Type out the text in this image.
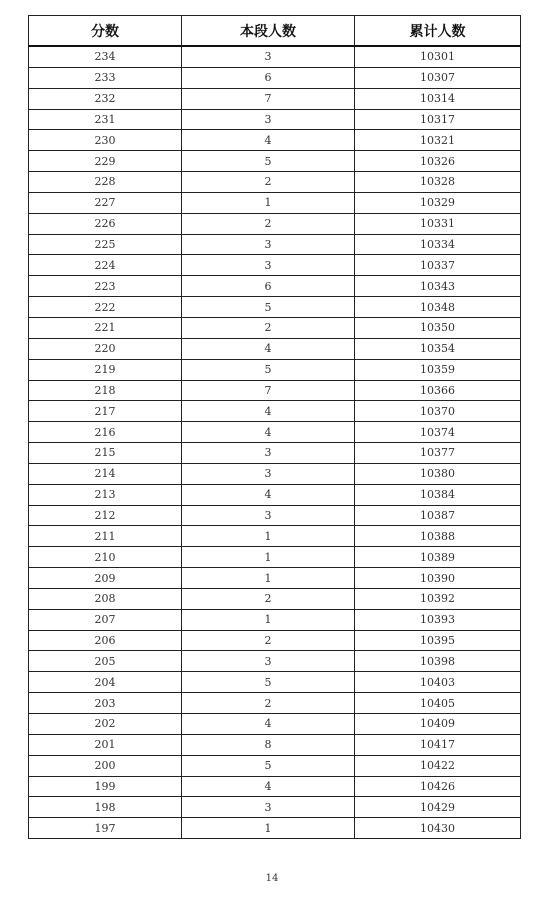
分数	本段人数	累计人数
234	3	10301
233	6	10307
232	7	10314
231	3	10317
230	4	10321
229	5	10326
228	2	10328
227	1	10329
226	2	10331
225	3	10334
224	3	10337
223	6	10343
222	5	10348
221	2	10350
220	4	10354
219	5	10359
218	7	10366
217	4	10370
216	4	10374
215	3	10377
214	3	10380
213	4	10384
212	3	10387
211	1	10388
210	1	10389
209	1	10390
208	2	10392
207	1	10393
206	2	10395
205	3	10398
204	5	10403
203	2	10405
202	4	10409
201	8	10417
200	5	10422
199	4	10426
198	3	10429
197	1	10430
14
